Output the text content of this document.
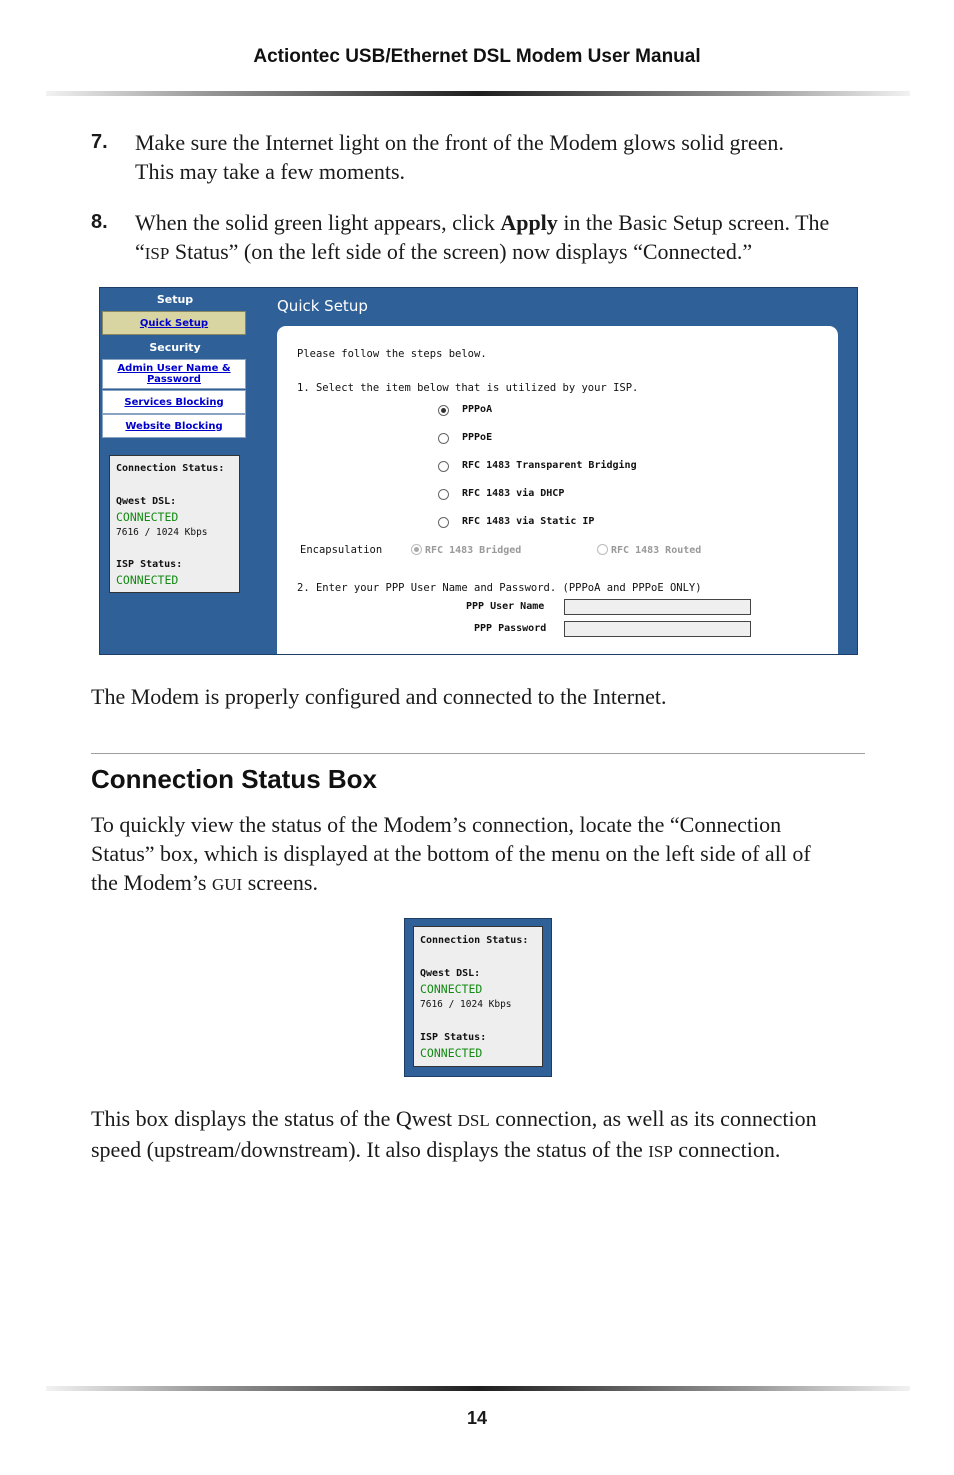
Actiontec USB/Ethernet DSL Modem User Manual
7. Make sure the Internet light on the front of the Modem glows solid green.
This may take a few moments.
8. When the solid green light appears, click Apply in the Basic Setup screen. The
“ISP Status” (on the left side of the screen) now displays “Connected.”
Setup
Quick Setup
Security
Admin User Name &
Password
Services Blocking
Website Blocking
Connection Status:
Qwest DSL:
CONNECTED
7616 / 1024 Kbps
ISP Status:
CONNECTED
Quick Setup
Please follow the steps below.
1. Select the item below that is utilized by your ISP.
PPPoA
PPPoE
RFC 1483 Transparent Bridging
RFC 1483 via DHCP
RFC 1483 via Static IP
Encapsulation	RFC 1483 Bridged	RFC 1483 Routed
2. Enter your PPP User Name and Password. (PPPoA and PPPoE ONLY)
PPP User Name
PPP Password
The Modem is properly configured and connected to the Internet.
Connection Status Box
To quickly view the status of the Modem’s connection, locate the “Connection
Status” box, which is displayed at the bottom of the menu on the left side of all of
the Modem’s GUI screens.
Connection Status:
Qwest DSL:
CONNECTED
7616 / 1024 Kbps
ISP Status:
CONNECTED
This box displays the status of the Qwest DSL connection, as well as its connection
speed (upstream/downstream). It also displays the status of the ISP connection.
14
